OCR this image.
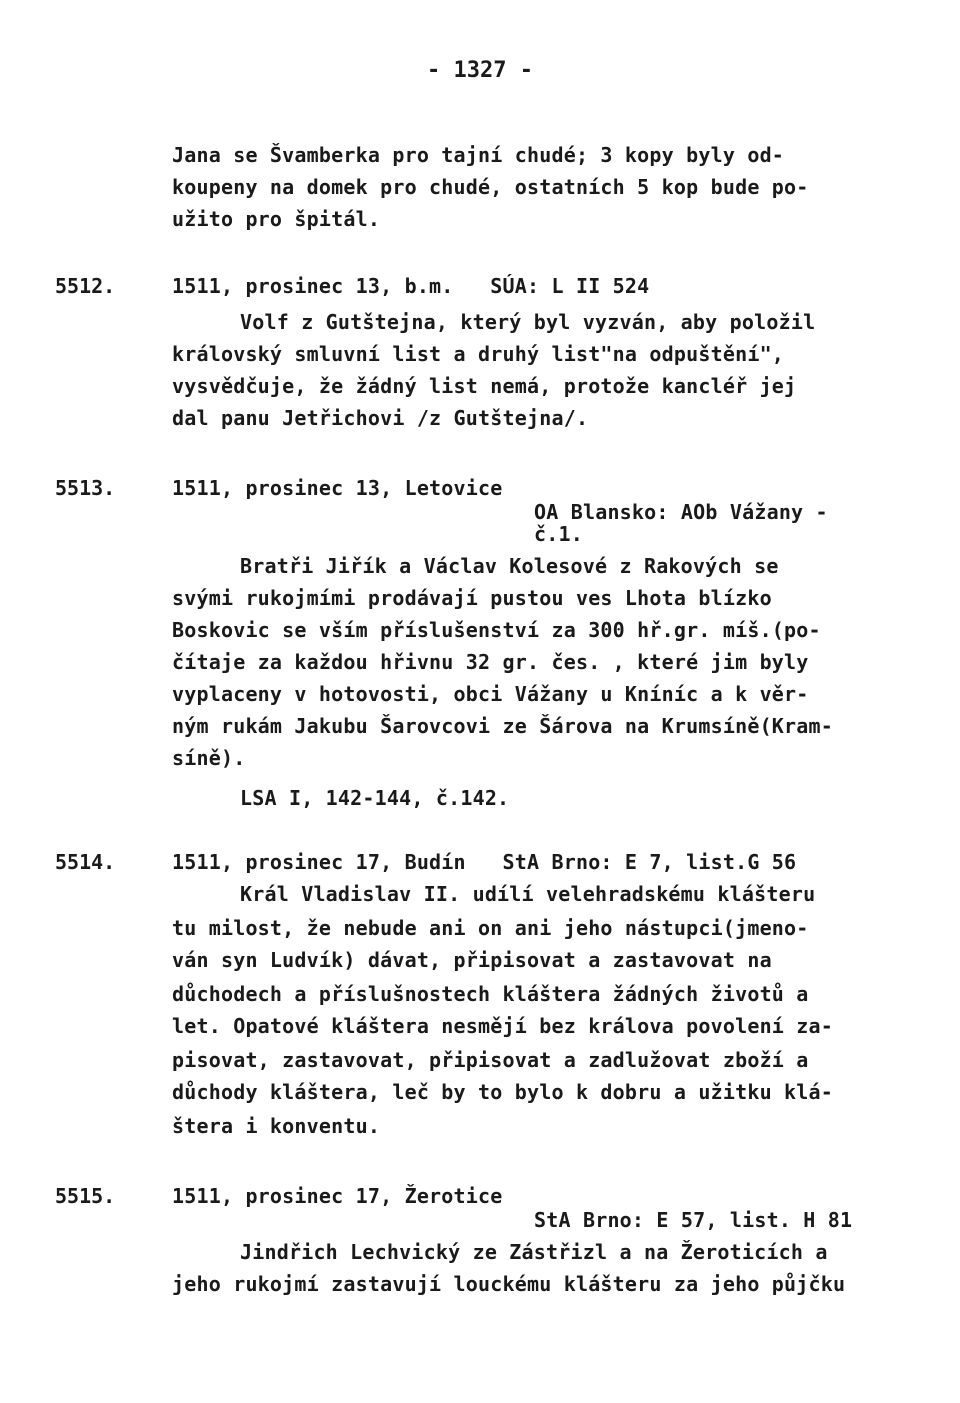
- 1327 -
Jana se Švamberka pro tajní chudé; 3 kopy byly od-
koupeny na domek pro chudé, ostatních 5 kop bude po-
užito pro špitál.
5512.	1511, prosinec 13, b.m.   SÚA: L II 524
Volf z Gutštejna, který byl vyzván, aby položil
královský smluvní list a druhý list"na odpuštění",
vysvědčuje, že žádný list nemá, protože kancléř jej
dal panu Jetřichovi /z Gutštejna/.
5513.	1511, prosinec 13, Letovice
OA Blansko: AOb Vážany -
č.1.
Bratři Jiřík a Václav Kolesové z Rakových se
svými rukojmími prodávají pustou ves Lhota blízko
Boskovic se vším příslušenství za 300 hř.gr. míš.(po-
čítaje za každou hřivnu 32 gr. čes. , které jim byly
vyplaceny v hotovosti, obci Vážany u Kníníc a k věr-
ným rukám Jakubu Šarovcovi ze Šárova na Krumsíně(Kram-
síně).
LSA I, 142-144, č.142.
5514.	1511, prosinec 17, Budín   StA Brno: E 7, list.G 56
Král Vladislav II. udílí velehradskému klášteru
tu milost, že nebude ani on ani jeho nástupci(jmeno-
ván syn Ludvík) dávat, připisovat a zastavovat na
důchodech a příslušnostech kláštera žádných životů a
let. Opatové kláštera nesmějí bez králova povolení za-
pisovat, zastavovat, připisovat a zadlužovat zboží a
důchody kláštera, leč by to bylo k dobru a užitku klá-
štera i konventu.
5515.	1511, prosinec 17, Žerotice
StA Brno: E 57, list. H 81
Jindřich Lechvický ze Zástřizl a na Žeroticích a
jeho rukojmí zastavují louckému klášteru za jeho půjčku
